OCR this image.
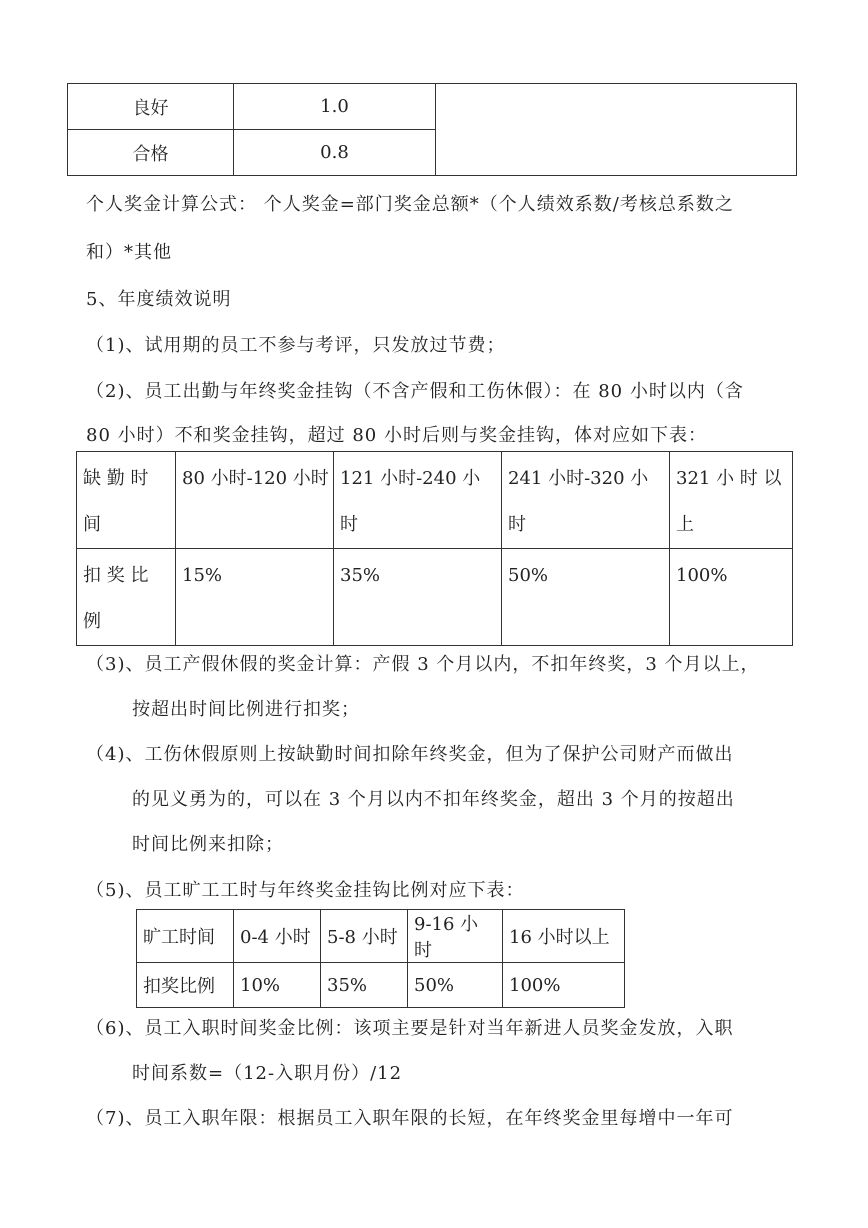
良好	1.0	
合格	0.8	
个人奖金计算公式： 个人奖金=部门奖金总额*（个人绩效系数/考核总系数之
和）*其他
5、年度绩效说明
（1)、试用期的员工不参与考评，只发放过节费；
（2)、员工出勤与年终奖金挂钩（不含产假和工伤休假）：在 80 小时以内（含
80 小时）不和奖金挂钩，超过 80 小时后则与奖金挂钩，体对应如下表：
缺 勤 时 间	80 小时-120 小时	121 小时-240 小时	241 小时-320 小时	321 小 时 以 上
扣 奖 比 例	15%	35%	50%	100%
（3)、员工产假休假的奖金计算：产假 3 个月以内，不扣年终奖，3 个月以上，
按超出时间比例进行扣奖；
（4)、工伤休假原则上按缺勤时间扣除年终奖金，但为了保护公司财产而做出
的见义勇为的，可以在 3 个月以内不扣年终奖金，超出 3 个月的按超出
时间比例来扣除；
（5)、员工旷工工时与年终奖金挂钩比例对应下表：
旷工时间	0-4 小时	5-8 小时	9-16 小时	16 小时以上
扣奖比例	10%	35%	50%	100%
（6)、员工入职时间奖金比例：该项主要是针对当年新进人员奖金发放，入职
时间系数=（12-入职月份）/12
（7)、员工入职年限：根据员工入职年限的长短，在年终奖金里每增中一年可
